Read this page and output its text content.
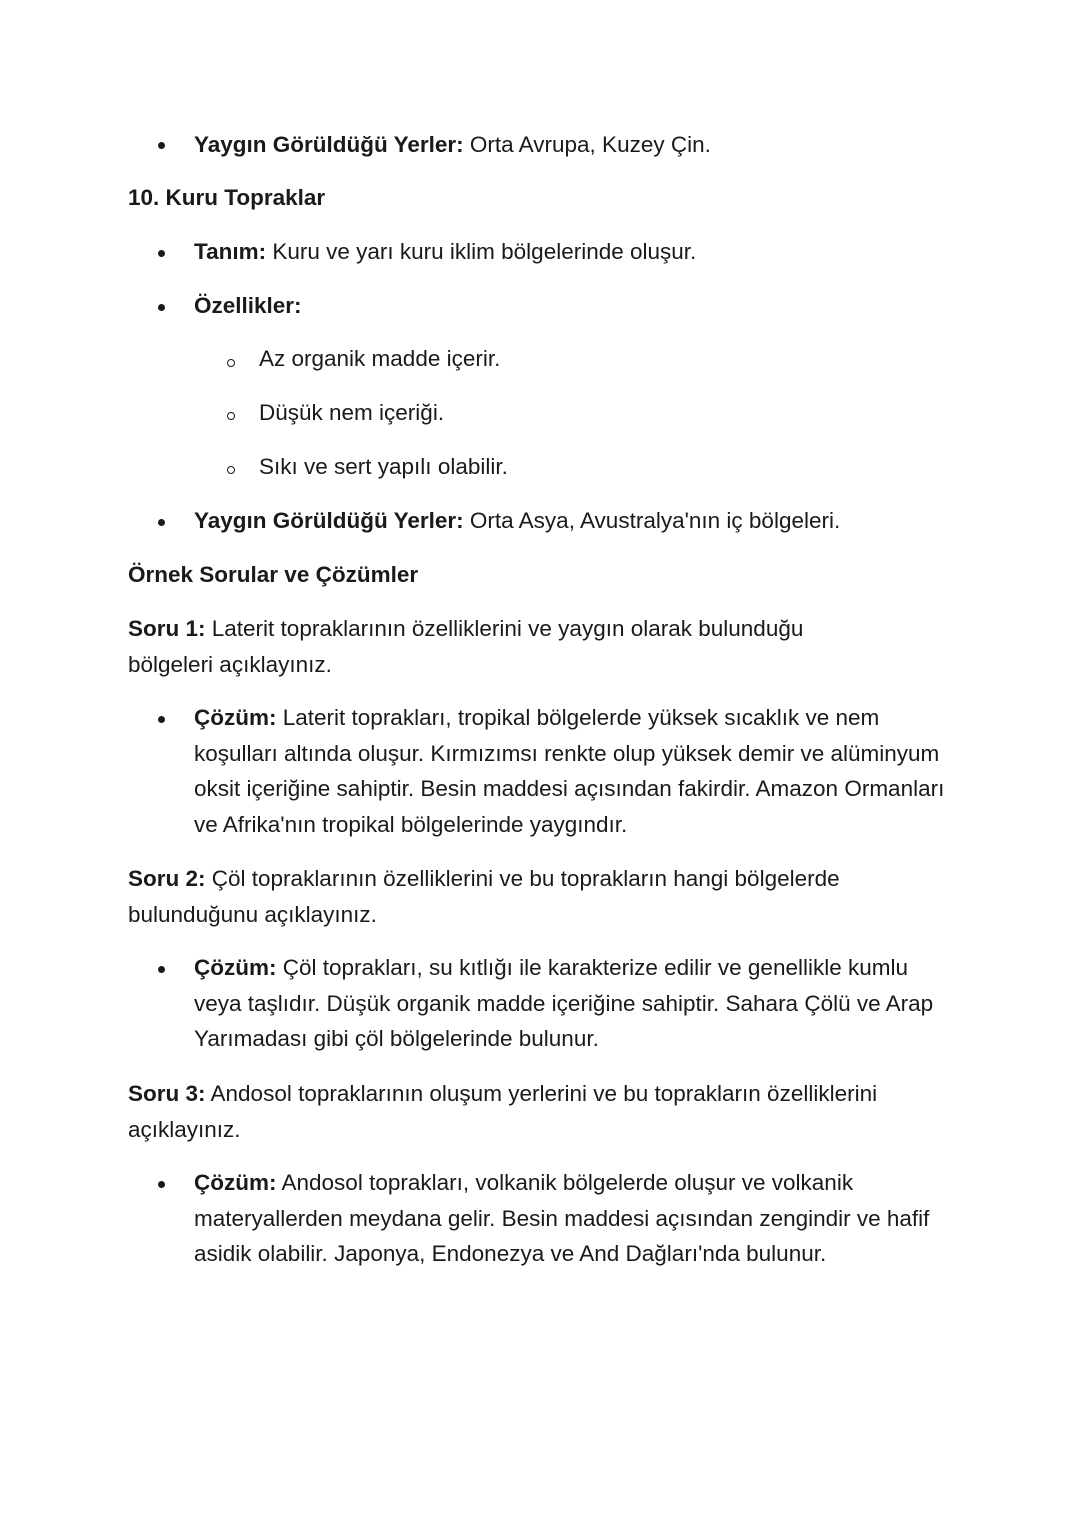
Yaygın Görüldüğü Yerler: Orta Avrupa, Kuzey Çin.
10. Kuru Topraklar
Tanım: Kuru ve yarı kuru iklim bölgelerinde oluşur.
Özellikler:
Az organik madde içerir.
Düşük nem içeriği.
Sıkı ve sert yapılı olabilir.
Yaygın Görüldüğü Yerler: Orta Asya, Avustralya'nın iç bölgeleri.
Örnek Sorular ve Çözümler
Soru 1: Laterit topraklarının özelliklerini ve yaygın olarak bulunduğu bölgeleri açıklayınız.
Çözüm: Laterit toprakları, tropikal bölgelerde yüksek sıcaklık ve nem koşulları altında oluşur. Kırmızımsı renkte olup yüksek demir ve alüminyum oksit içeriğine sahiptir. Besin maddesi açısından fakirdir. Amazon Ormanları ve Afrika'nın tropikal bölgelerinde yaygındır.
Soru 2: Çöl topraklarının özelliklerini ve bu toprakların hangi bölgelerde bulunduğunu açıklayınız.
Çözüm: Çöl toprakları, su kıtlığı ile karakterize edilir ve genellikle kumlu veya taşlıdır. Düşük organik madde içeriğine sahiptir. Sahara Çölü ve Arap Yarımadası gibi çöl bölgelerinde bulunur.
Soru 3: Andosol topraklarının oluşum yerlerini ve bu toprakların özelliklerini açıklayınız.
Çözüm: Andosol toprakları, volkanik bölgelerde oluşur ve volkanik materyallerden meydana gelir. Besin maddesi açısından zengindir ve hafif asidik olabilir. Japonya, Endonezya ve And Dağları'nda bulunur.
